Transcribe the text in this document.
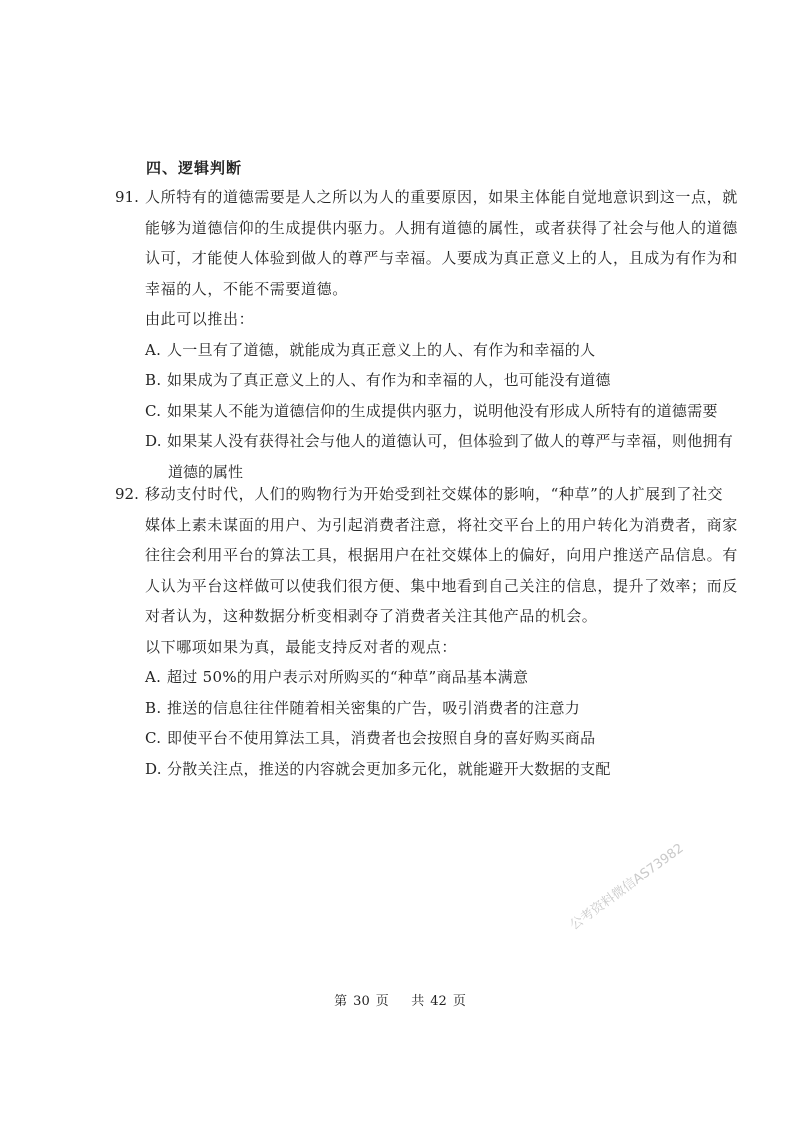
四、逻辑判断
91. 人所特有的道德需要是人之所以为人的重要原因，如果主体能自觉地意识到这一点，就
能够为道德信仰的生成提供内驱力。人拥有道德的属性，或者获得了社会与他人的道德
认可，才能使人体验到做人的尊严与幸福。人要成为真正意义上的人，且成为有作为和
幸福的人，不能不需要道德。
由此可以推出：
A. 人一旦有了道德，就能成为真正意义上的人、有作为和幸福的人
B. 如果成为了真正意义上的人、有作为和幸福的人，也可能没有道德
C. 如果某人不能为道德信仰的生成提供内驱力，说明他没有形成人所特有的道德需要
D. 如果某人没有获得社会与他人的道德认可，但体验到了做人的尊严与幸福，则他拥有
道德的属性
92. 移动支付时代，人们的购物行为开始受到社交媒体的影响，“种草”的人扩展到了社交
媒体上素未谋面的用户、为引起消费者注意，将社交平台上的用户转化为消费者，商家
往往会利用平台的算法工具，根据用户在社交媒体上的偏好，向用户推送产品信息。有
人认为平台这样做可以使我们很方便、集中地看到自己关注的信息，提升了效率；而反
对者认为，这种数据分析变相剥夺了消费者关注其他产品的机会。
以下哪项如果为真，最能支持反对者的观点：
A. 超过 50%的用户表示对所购买的“种草”商品基本满意
B. 推送的信息往往伴随着相关密集的广告，吸引消费者的注意力
C. 即使平台不使用算法工具，消费者也会按照自身的喜好购买商品
D. 分散关注点，推送的内容就会更加多元化，就能避开大数据的支配
公考资料微信AS73982
第 30 页 共 42 页
